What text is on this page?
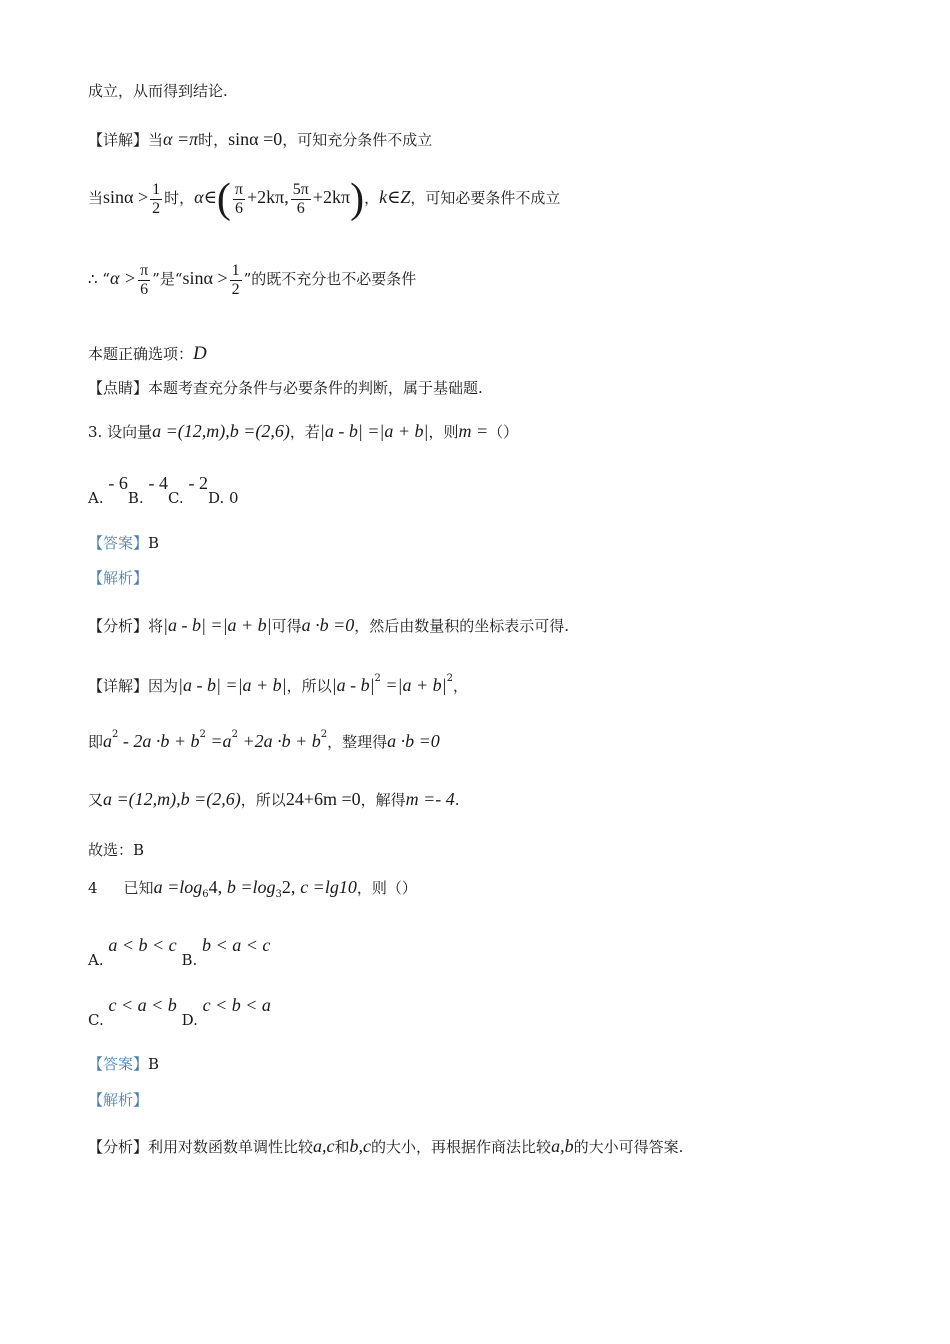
成立，从而得到结论.
【详解】当α =π时，sinα =0，可知充分条件不成立
当$\sin\alpha > \frac{1}{2}$ 时，α∈( $\frac{\pi}{6} +2k\pi$, $\frac{5\pi}{6} +2k\pi$)，k∈Z，可知必要条件不成立
∴ “$\alpha > \frac{\pi}{6}$ ”是“$\sin\alpha > \frac{1}{2}$ ”的既不充分也不必要条件
本题正确选项：D
【点睛】本题考查充分条件与必要条件的判断，属于基础题.
3. 设向量a =(12,m),b =(2,6)，若|a - b| =|a + b|，则m =（）
A. - 6B. - 4C. - 2D. 0
【答案】B
【解析】
【分析】将|a - b| =|a + b|可得a ·b =0，然后由数量积的坐标表示可得.
【详解】因为|a - b| =|a + b|，所以$|a - b|^2 =|a + b|^2$，
即$a^2 - 2a \cdot b + b^2 =a^2 +2a \cdot b + b^2$，整理得a ·b =0
又a =(12,m),b =(2,6)，所以24+6m =0，解得m =- 4.
故选：B
4 已知$a =\log_64$, $b =\log_32$, c =lg10，则（）
A. a < b < c B. b < a < c
C. c < a < b D. c < b < a
【答案】B
【解析】
【分析】利用对数函数单调性比较a,c和b,c的大小，再根据作商法比较a,b的大小可得答案.
